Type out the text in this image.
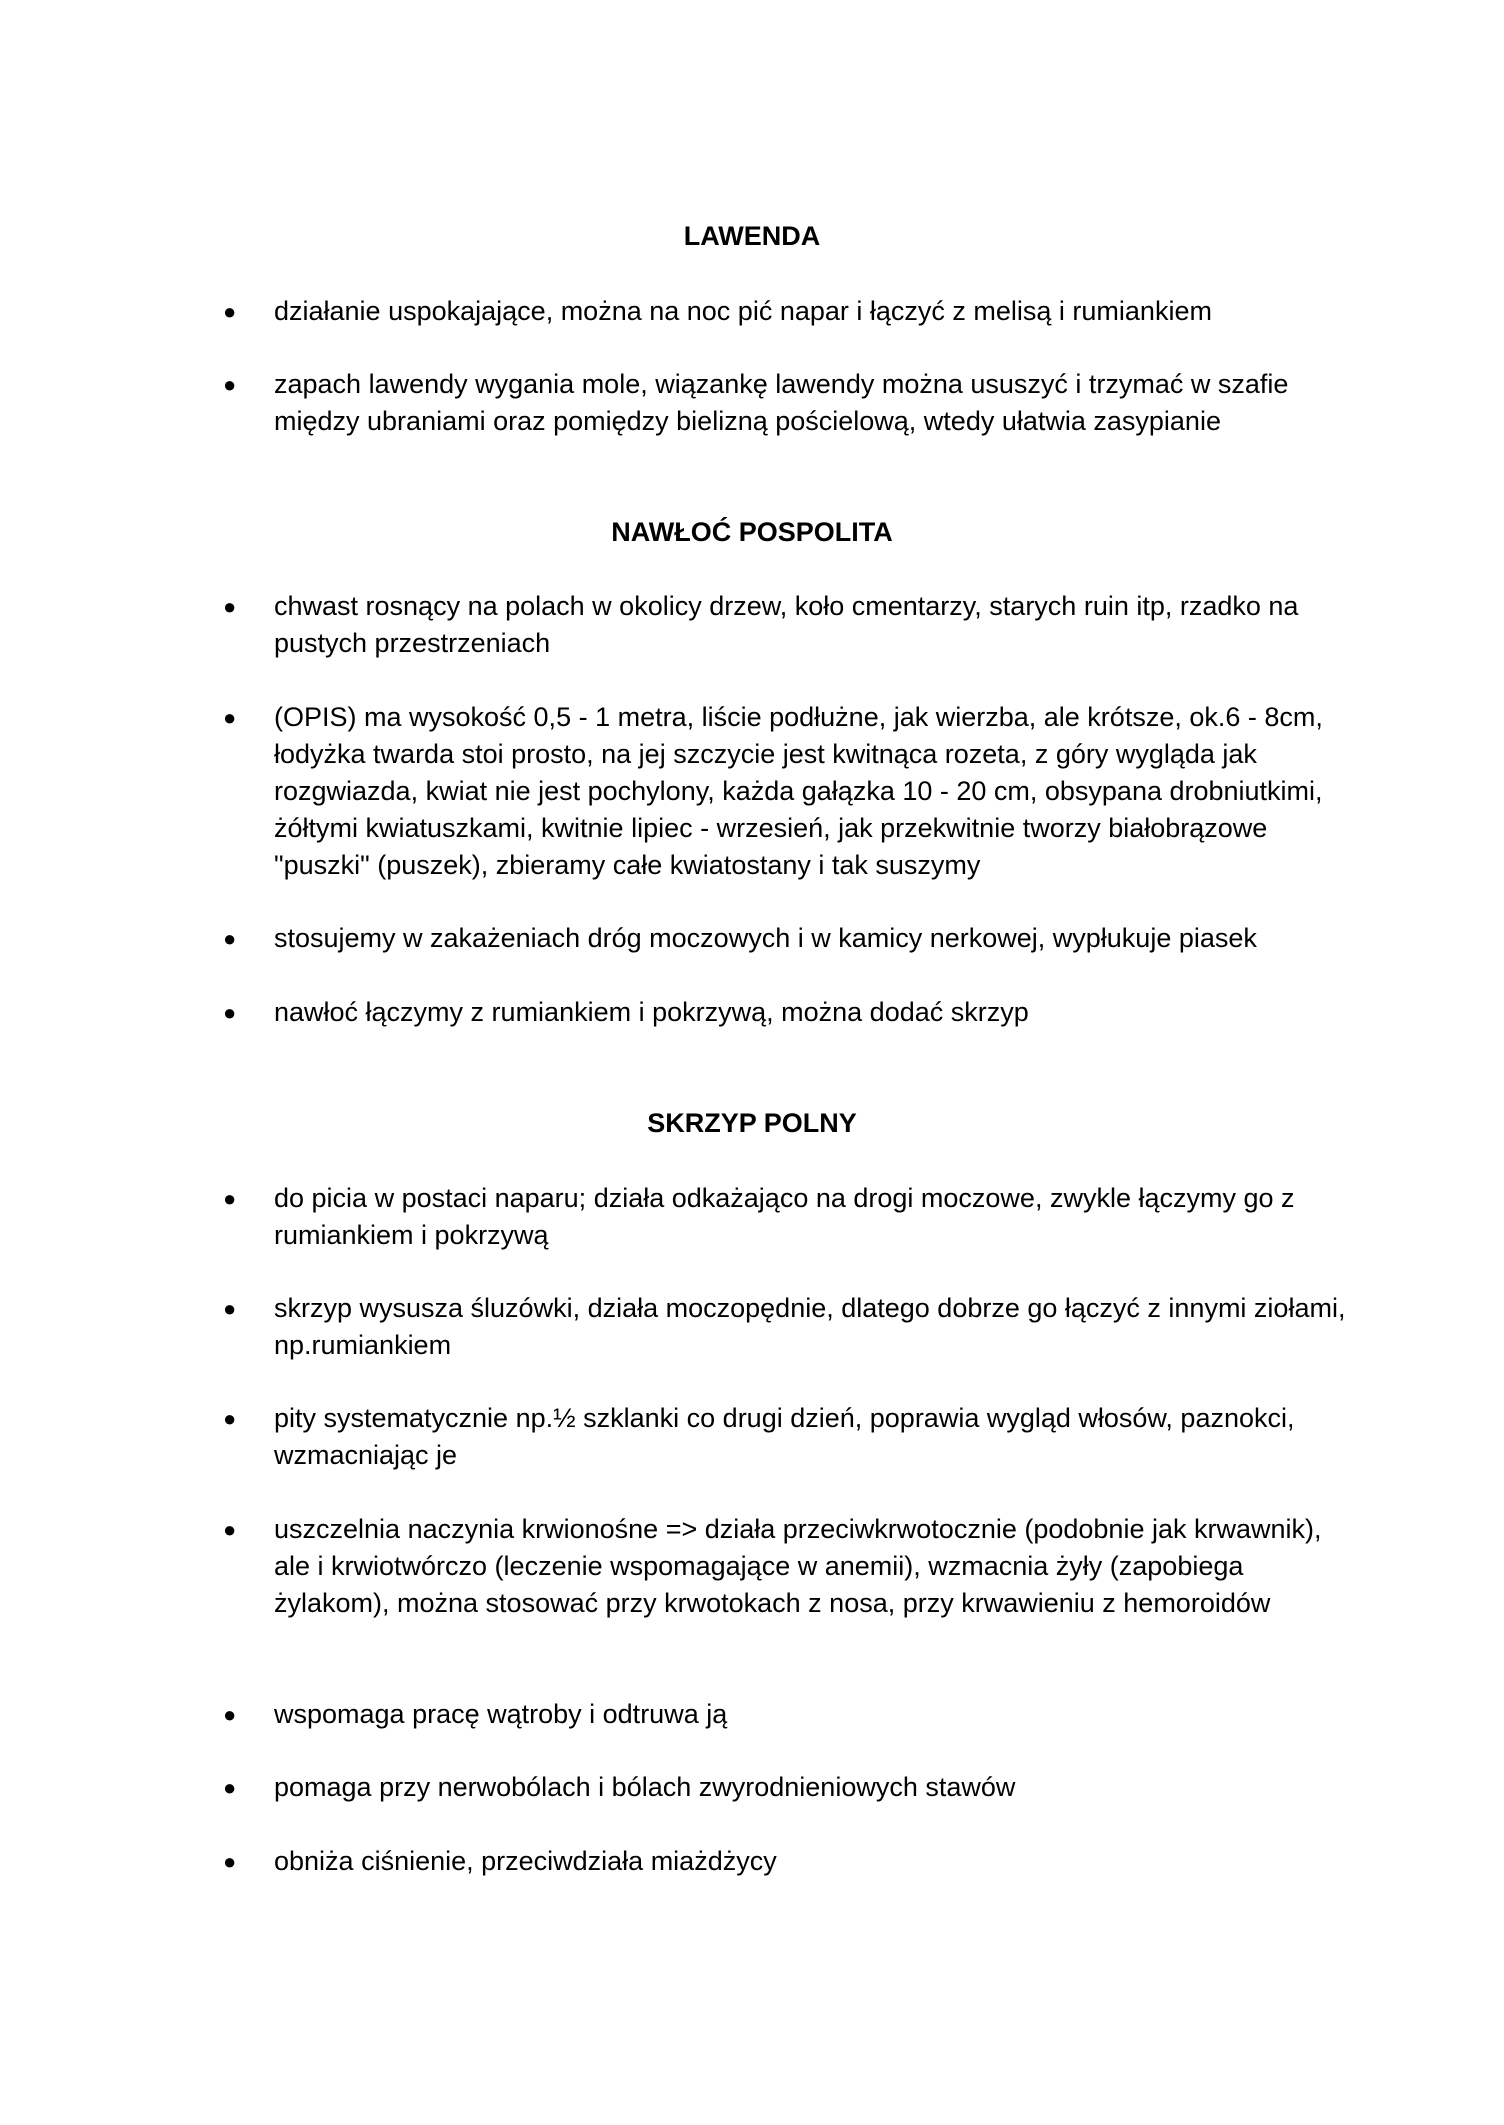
LAWENDA
● działanie uspokajające, można na noc pić napar i łączyć z melisą i rumiankiem
● zapach lawendy wygania mole, wiązankę lawendy można ususzyć i trzymać w szafie między ubraniami oraz pomiędzy bielizną pościelową, wtedy ułatwia zasypianie
NAWŁOĆ POSPOLITA
● chwast rosnący na polach w okolicy drzew, koło cmentarzy, starych ruin itp, rzadko na pustych przestrzeniach
● (OPIS) ma wysokość 0,5 - 1 metra, liście podłużne, jak wierzba, ale krótsze, ok.6 - 8cm, łodyżka twarda stoi prosto, na jej szczycie jest kwitnąca rozeta, z góry wygląda jak rozgwiazda, kwiat nie jest pochylony, każda gałązka 10 - 20 cm, obsypana drobniutkimi, żółtymi kwiatuszkami, kwitnie lipiec - wrzesień, jak przekwitnie tworzy białobrązowe "puszki" (puszek), zbieramy całe kwiatostany i tak suszymy
● stosujemy w zakażeniach dróg moczowych i w kamicy nerkowej, wypłukuje piasek
● nawłoć łączymy z rumiankiem i pokrzywą, można dodać skrzyp
SKRZYP POLNY
● do picia w postaci naparu; działa odkażająco na drogi moczowe, zwykle łączymy go z rumiankiem i pokrzywą
● skrzyp wysusza śluzówki, działa moczopędnie, dlatego dobrze go łączyć z innymi ziołami, np.rumiankiem
● pity systematycznie np.½ szklanki co drugi dzień, poprawia wygląd włosów, paznokci, wzmacniając je
● uszczelnia naczynia krwionośne => działa przeciwkrwotocznie (podobnie jak krwawnik), ale i krwiotwórczo (leczenie wspomagające w anemii), wzmacnia żyły (zapobiega żylakom), można stosować przy krwotokach z nosa, przy krwawieniu z hemoroidów
● wspomaga pracę wątroby i odtruwa ją
● pomaga przy nerwobólach i bólach zwyrodnieniowych stawów
● obniża ciśnienie, przeciwdziała miażdżycy
